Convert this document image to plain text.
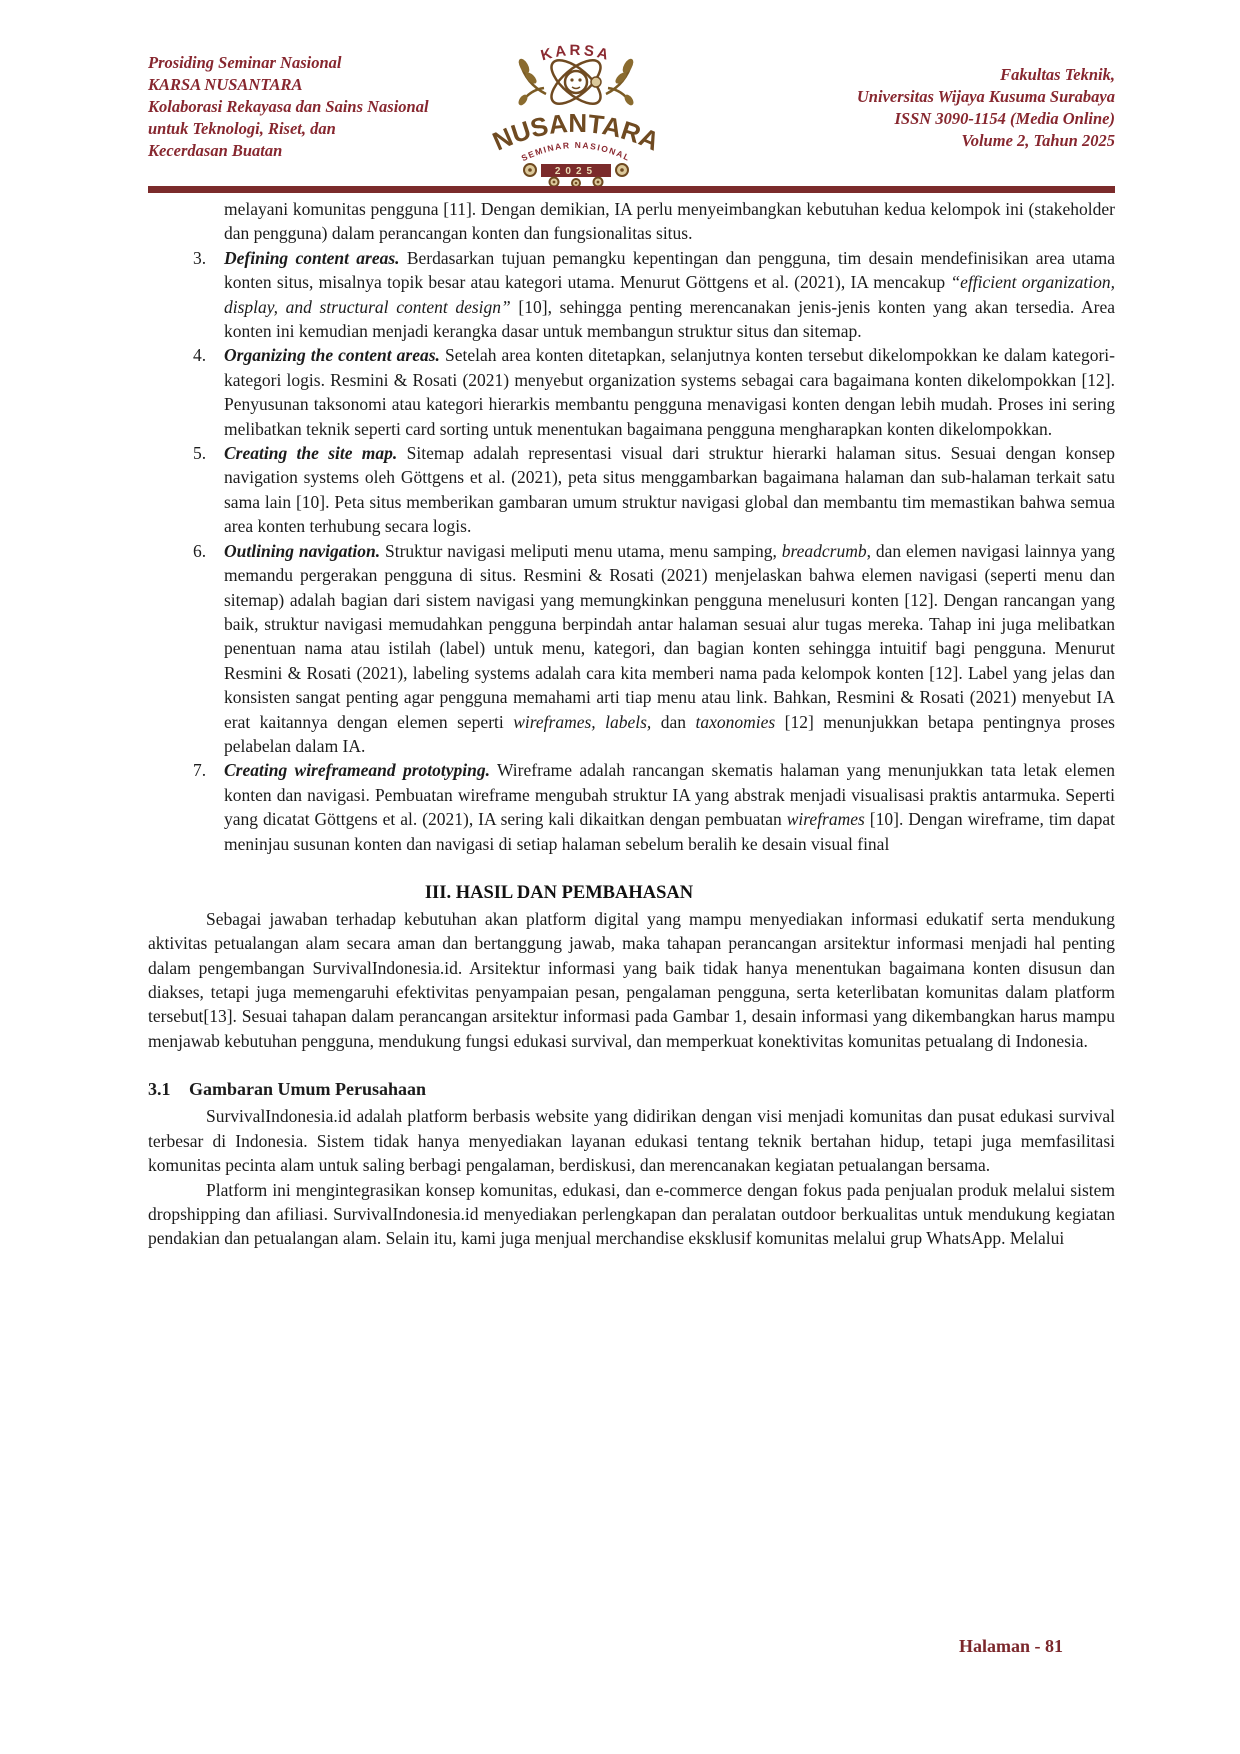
Prosiding Seminar Nasional
KARSA NUSANTARA
Kolaborasi Rekayasa dan Sains Nasional
untuk Teknologi, Riset, dan
Kecerdasan Buatan
KARSA
NUSANTARA
SEMINAR NASIONAL
2025
Fakultas Teknik,
Universitas Wijaya Kusuma Surabaya
ISSN 3090-1154 (Media Online)
Volume 2, Tahun 2025

melayani komunitas pengguna [11]. Dengan demikian, IA perlu menyeimbangkan kebutuhan kedua kelompok ini (stakeholder dan pengguna) dalam perancangan konten dan fungsionalitas situs.

3.	Defining content areas. Berdasarkan tujuan pemangku kepentingan dan pengguna, tim desain mendefinisikan area utama konten situs, misalnya topik besar atau kategori utama. Menurut Göttgens et al. (2021), IA mencakup “efficient organization, display, and structural content design” [10], sehingga penting merencanakan jenis-jenis konten yang akan tersedia. Area konten ini kemudian menjadi kerangka dasar untuk membangun struktur situs dan sitemap.
4.	Organizing the content areas. Setelah area konten ditetapkan, selanjutnya konten tersebut dikelompokkan ke dalam kategori-kategori logis. Resmini & Rosati (2021) menyebut organization systems sebagai cara bagaimana konten dikelompokkan [12]. Penyusunan taksonomi atau kategori hierarkis membantu pengguna menavigasi konten dengan lebih mudah. Proses ini sering melibatkan teknik seperti card sorting untuk menentukan bagaimana pengguna mengharapkan konten dikelompokkan.
5.	Creating the site map. Sitemap adalah representasi visual dari struktur hierarki halaman situs. Sesuai dengan konsep navigation systems oleh Göttgens et al. (2021), peta situs menggambarkan bagaimana halaman dan sub-halaman terkait satu sama lain [10]. Peta situs memberikan gambaran umum struktur navigasi global dan membantu tim memastikan bahwa semua area konten terhubung secara logis.
6.	Outlining navigation. Struktur navigasi meliputi menu utama, menu samping, breadcrumb, dan elemen navigasi lainnya yang memandu pergerakan pengguna di situs. Resmini & Rosati (2021) menjelaskan bahwa elemen navigasi (seperti menu dan sitemap) adalah bagian dari sistem navigasi yang memungkinkan pengguna menelusuri konten [12]. Dengan rancangan yang baik, struktur navigasi memudahkan pengguna berpindah antar halaman sesuai alur tugas mereka. Tahap ini juga melibatkan penentuan nama atau istilah (label) untuk menu, kategori, dan bagian konten sehingga intuitif bagi pengguna. Menurut Resmini & Rosati (2021), labeling systems adalah cara kita memberi nama pada kelompok konten [12]. Label yang jelas dan konsisten sangat penting agar pengguna memahami arti tiap menu atau link. Bahkan, Resmini & Rosati (2021) menyebut IA erat kaitannya dengan elemen seperti wireframes, labels, dan taxonomies [12] menunjukkan betapa pentingnya proses pelabelan dalam IA.
7.	Creating wireframeand prototyping. Wireframe adalah rancangan skematis halaman yang menunjukkan tata letak elemen konten dan navigasi. Pembuatan wireframe mengubah struktur IA yang abstrak menjadi visualisasi praktis antarmuka. Seperti yang dicatat Göttgens et al. (2021), IA sering kali dikaitkan dengan pembuatan wireframes [10]. Dengan wireframe, tim dapat meninjau susunan konten dan navigasi di setiap halaman sebelum beralih ke desain visual final
III. HASIL DAN PEMBAHASAN

Sebagai jawaban terhadap kebutuhan akan platform digital yang mampu menyediakan informasi edukatif serta mendukung aktivitas petualangan alam secara aman dan bertanggung jawab, maka tahapan perancangan arsitektur informasi menjadi hal penting dalam pengembangan SurvivalIndonesia.id. Arsitektur informasi yang baik tidak hanya menentukan bagaimana konten disusun dan diakses, tetapi juga memengaruhi efektivitas penyampaian pesan, pengalaman pengguna, serta keterlibatan komunitas dalam platform tersebut[13]. Sesuai tahapan dalam perancangan arsitektur informasi pada Gambar 1, desain informasi yang dikembangkan harus mampu menjawab kebutuhan pengguna, mendukung fungsi edukasi survival, dan memperkuat konektivitas komunitas petualang di Indonesia.

3.1 Gambaran Umum Perusahaan

SurvivalIndonesia.id adalah platform berbasis website yang didirikan dengan visi menjadi komunitas dan pusat edukasi survival terbesar di Indonesia. Sistem tidak hanya menyediakan layanan edukasi tentang teknik bertahan hidup, tetapi juga memfasilitasi komunitas pecinta alam untuk saling berbagi pengalaman, berdiskusi, dan merencanakan kegiatan petualangan bersama.

Platform ini mengintegrasikan konsep komunitas, edukasi, dan e-commerce dengan fokus pada penjualan produk melalui sistem dropshipping dan afiliasi. SurvivalIndonesia.id menyediakan perlengkapan dan peralatan outdoor berkualitas untuk mendukung kegiatan pendakian dan petualangan alam. Selain itu, kami juga menjual merchandise eksklusif komunitas melalui grup WhatsApp. Melalui

Halaman - 81
